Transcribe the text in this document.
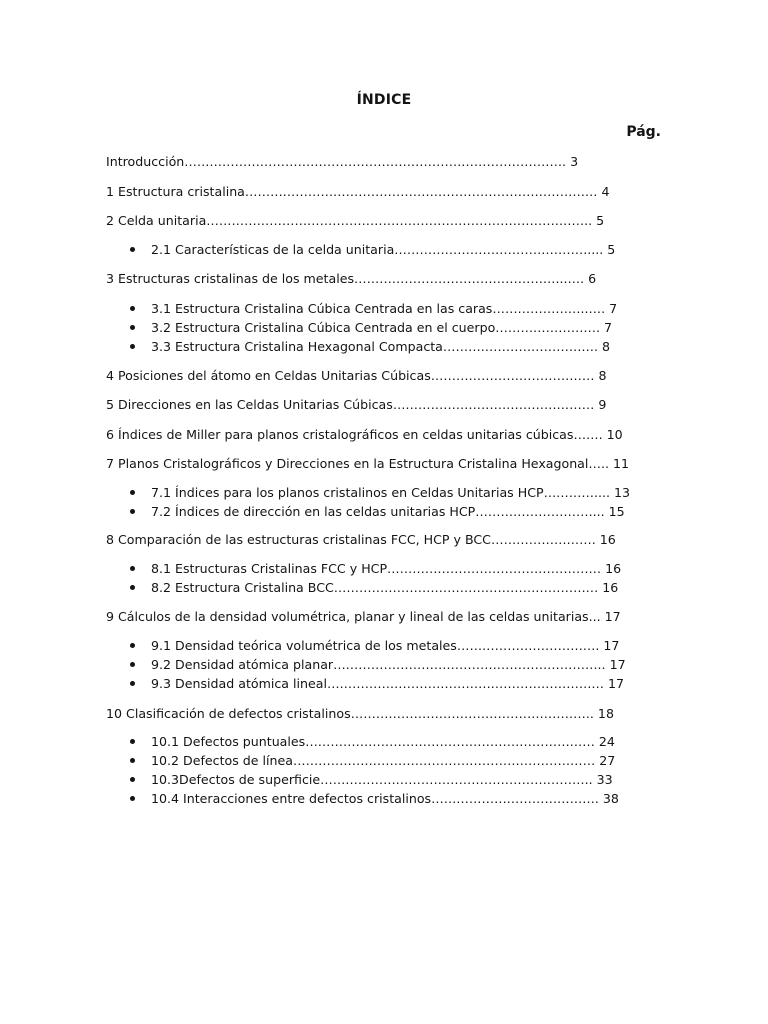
ÍNDICE
Pág.
Introducción………………………………………………………………………………. 3
1 Estructura cristalina………………………………………………………………………… 4
2 Celda unitaria……………………………………………………………………………….. 5
2.1 Características de la celda unitaria………………………………………..... 5
3 Estructuras cristalinas de los metales…………………………………………...…. 6
3.1 Estructura Cristalina Cúbica Centrada en las caras…………………..…. 7
3.2 Estructura Cristalina Cúbica Centrada en el cuerpo……………………. 7
3.3 Estructura Cristalina Hexagonal Compacta………………………………. 8
4 Posiciones del átomo en Celdas Unitarias Cúbicas………………………………… 8
5 Direcciones en las Celdas Unitarias Cúbicas………………………………………… 9
6 Índices de Miller para planos cristalográficos en celdas unitarias cúbicas……. 10
7 Planos Cristalográficos y Direcciones en la Estructura Cristalina Hexagonal….. 11
7.1 Índices para los planos cristalinos en Celdas Unitarias HCP………….... 13
7.2 Índices de dirección en las celdas unitarias HCP……………………….... 15
8 Comparación de las estructuras cristalinas FCC, HCP y BCC……………………. 16
8.1 Estructuras Cristalinas FCC y HCP…………………………………………… 16
8.2 Estructura Cristalina BCC……………………………………………………… 16
9 Cálculos de la densidad volumétrica, planar y lineal de las celdas unitarias... 17
9.1 Densidad teórica volumétrica de los metales……………………………. 17
9.2 Densidad atómica planar……………………………………………………….. 17
9.3 Densidad atómica lineal………………………………………………………… 17
10 Clasificación de defectos cristalinos…………………………………………………. 18
10.1 Defectos puntuales…………………………………………………………… 24
10.2 Defectos de línea……………………………………………………………… 27
10.3Defectos de superficie……………………………………………………….. 33
10.4 Interacciones entre defectos cristalinos…………………………………. 38
